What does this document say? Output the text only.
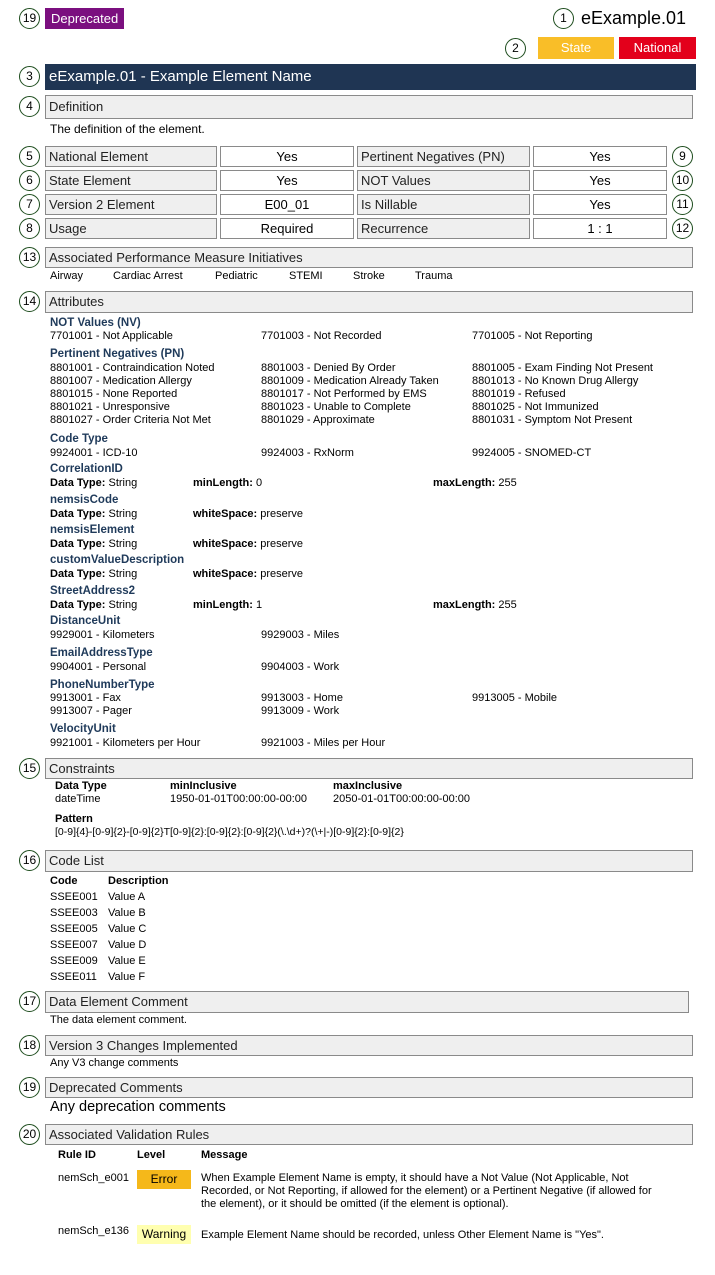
19	Deprecated	1 eExample.01
2	State	National
3	eExample.01 - Example Element Name
4	Definition
The definition of the element.
5
6
7
8
9
10
11
12
National Element	Yes	Pertinent Negatives (PN)	Yes
State Element	Yes	NOT Values	Yes
Version 2 Element	E00_01	Is Nillable	Yes
Usage	Required	Recurrence	1 : 1
13 Associated Performance Measure Initiatives
Airway	Cardiac Arrest	Pediatric	STEMI	Stroke	Trauma
14 Attributes
NOT Values (NV)
7701001 - Not Applicable	7701003 - Not Recorded	7701005 - Not Reporting
Pertinent Negatives (PN)
8801001 - Contraindication Noted	8801003 - Denied By Order	8801005 - Exam Finding Not Present
8801007 - Medication Allergy	8801009 - Medication Already Taken	8801013 - No Known Drug Allergy
8801015 - None Reported	8801017 - Not Performed by EMS	8801019 - Refused
8801021 - Unresponsive	8801023 - Unable to Complete	8801025 - Not Immunized
8801027 - Order Criteria Not Met	8801029 - Approximate	8801031 - Symptom Not Present
Code Type
9924001 - ICD-10	9924003 - RxNorm	9924005 - SNOMED-CT
CorrelationID
Data Type: String	minLength: 0	maxLength: 255
nemsisCode
Data Type: String	whiteSpace: preserve
nemsisElement
Data Type: String	whiteSpace: preserve
customValueDescription
Data Type: String	whiteSpace: preserve
StreetAddress2
Data Type: String	minLength: 1	maxLength: 255
DistanceUnit
9929001 - Kilometers	9929003 - Miles
EmailAddressType
9904001 - Personal	9904003 - Work
PhoneNumberType
9913001 - Fax	9913003 - Home	9913005 - Mobile
9913007 - Pager	9913009 - Work
VelocityUnit
9921001 - Kilometers per Hour	9921003 - Miles per Hour
15 Constraints
Data Type	minInclusive	maxInclusive
dateTime	1950-01-01T00:00:00-00:00 2050-01-01T00:00:00-00:00
Pattern
[0-9]{4}-[0-9]{2}-[0-9]{2}T[0-9]{2}:[0-9]{2}:[0-9]{2}(\.\d+)?(\+|-)[0-9]{2}:[0-9]{2}
16 Code List
Code	Description
SSEE001 Value A
SSEE003 Value B
SSEE005 Value C
SSEE007 Value D
SSEE009 Value E
SSEE011 Value F
17 Data Element Comment
The data element comment.
18 Version 3 Changes Implemented
Any V3 change comments
19 Deprecated Comments
Any deprecation comments
20 Associated Validation Rules
Rule ID	Level	Message
nemSch_e001	Error	When Example Element Name is empty, it should have a Not Value (Not Applicable, Not
Recorded, or Not Reporting, if allowed for the element) or a Pertinent Negative (if allowed for
the element), or it should be omitted (if the element is optional).
nemSch_e136	Warning	Example Element Name should be recorded, unless Other Element Name is "Yes".
